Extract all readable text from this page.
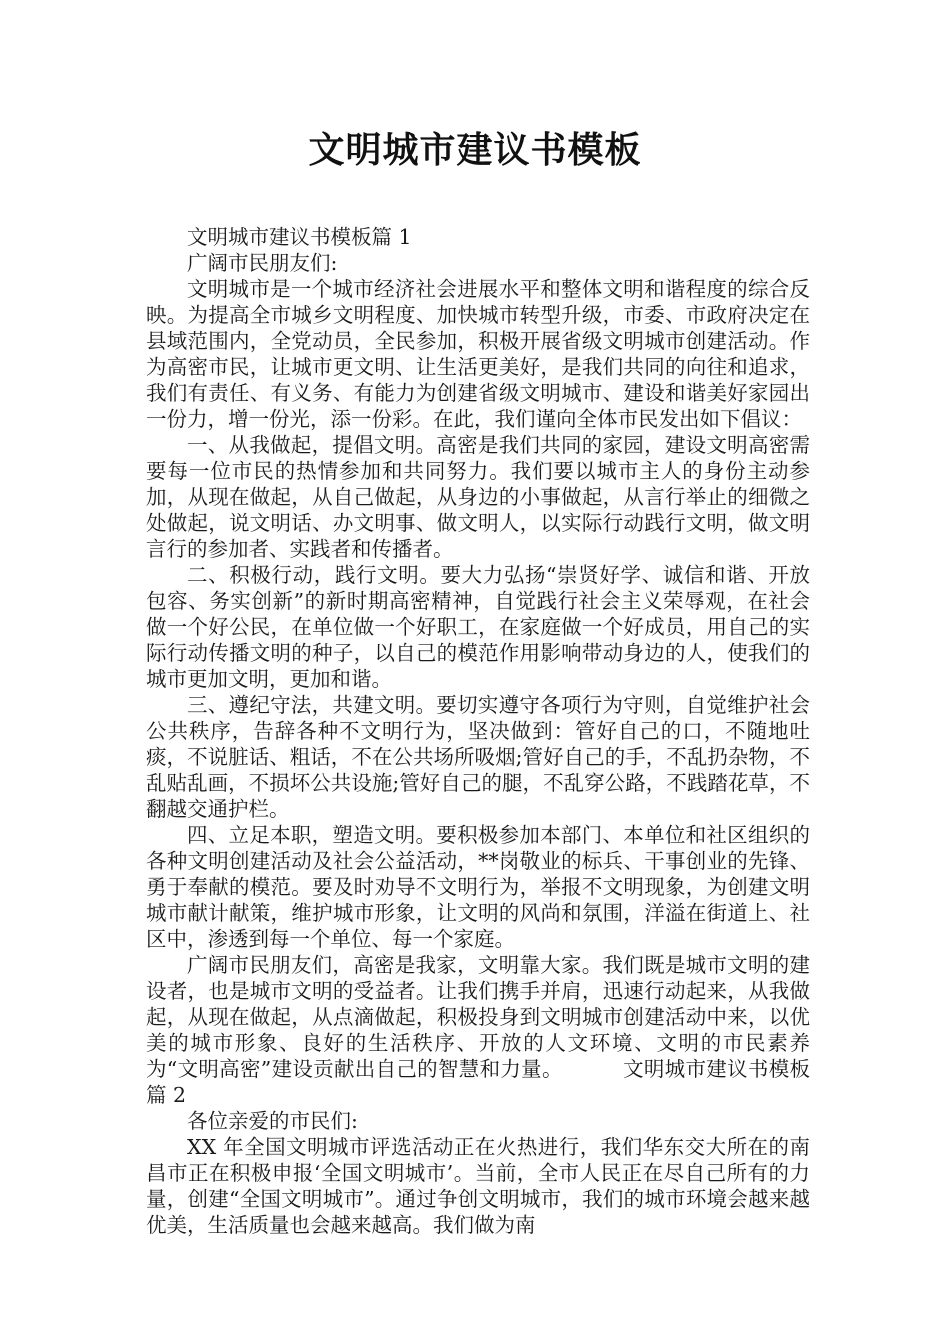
文明城市建议书模板

文明城市建议书模板篇 1

广阔市民朋友们:

文明城市是一个城市经济社会进展水平和整体文明和谐程度的综合反映。为提高全市城乡文明程度、加快城市转型升级，市委、市政府决定在县域范围内，全党动员，全民参加，积极开展省级文明城市创建活动。作为高密市民，让城市更文明、让生活更美好，是我们共同的向往和追求，我们有责任、有义务、有能力为创建省级文明城市、建设和谐美好家园出一份力，增一份光，添一份彩。在此，我们谨向全体市民发出如下倡议：

一、从我做起，提倡文明。高密是我们共同的家园，建设文明高密需要每一位市民的热情参加和共同努力。我们要以城市主人的身份主动参加，从现在做起，从自己做起，从身边的小事做起，从言行举止的细微之处做起，说文明话、办文明事、做文明人，以实际行动践行文明，做文明言行的参加者、实践者和传播者。

二、积极行动，践行文明。要大力弘扬“崇贤好学、诚信和谐、开放包容、务实创新”的新时期高密精神，自觉践行社会主义荣辱观，在社会做一个好公民，在单位做一个好职工，在家庭做一个好成员，用自己的实际行动传播文明的种子，以自己的模范作用影响带动身边的人，使我们的城市更加文明，更加和谐。

三、遵纪守法，共建文明。要切实遵守各项行为守则，自觉维护社会公共秩序，告辞各种不文明行为，坚决做到：管好自己的口，不随地吐痰，不说脏话、粗话，不在公共场所吸烟;管好自己的手，不乱扔杂物，不乱贴乱画，不损坏公共设施;管好自己的腿，不乱穿公路，不践踏花草，不翻越交通护栏。

四、立足本职，塑造文明。要积极参加本部门、本单位和社区组织的各种文明创建活动及社会公益活动，**岗敬业的标兵、干事创业的先锋、勇于奉献的模范。要及时劝导不文明行为，举报不文明现象，为创建文明城市献计献策，维护城市形象，让文明的风尚和氛围，洋溢在街道上、社区中，渗透到每一个单位、每一个家庭。

广阔市民朋友们，高密是我家，文明靠大家。我们既是城市文明的建设者，也是城市文明的受益者。让我们携手并肩，迅速行动起来，从我做起，从现在做起，从点滴做起，积极投身到文明城市创建活动中来，以优美的城市形象、良好的生活秩序、开放的人文环境、文明的市民素养为“文明高密”建设贡献出自己的智慧和力量。	文明城市建议书模板篇 2

各位亲爱的市民们:

XX 年全国文明城市评选活动正在火热进行，我们华东交大所在的南昌市正在积极申报‘全国文明城市’。当前，全市人民正在尽自己所有的力量，创建“全国文明城市”。通过争创文明城市，我们的城市环境会越来越优美，生活质量也会越来越高。我们做为南
